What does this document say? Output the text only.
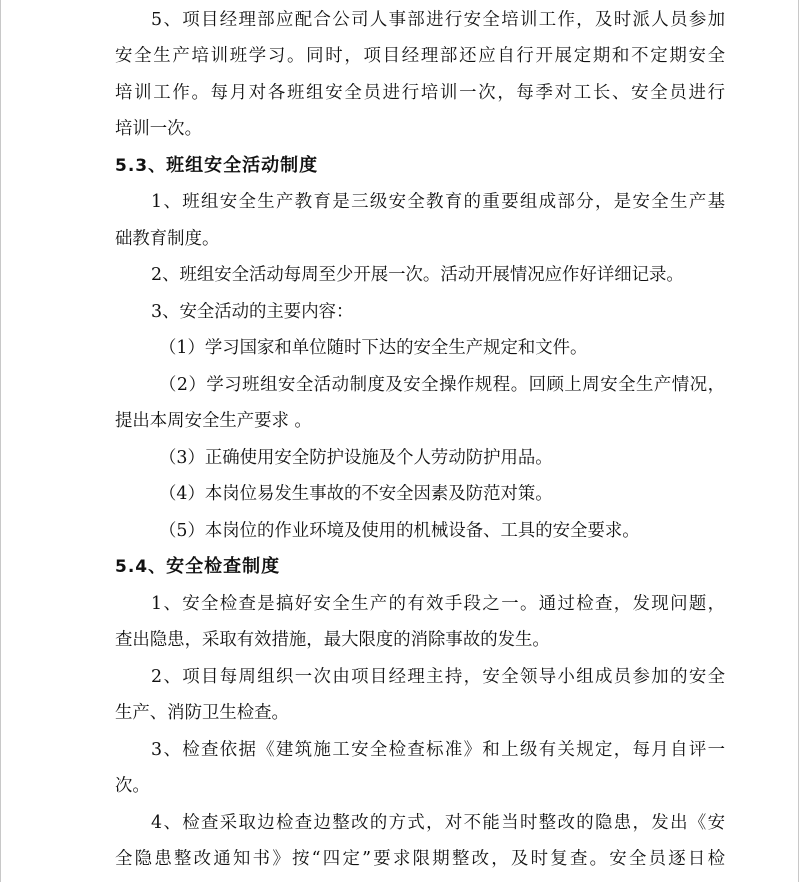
5、项目经理部应配合公司人事部进行安全培训工作，及时派人员参加
安全生产培训班学习。同时，项目经理部还应自行开展定期和不定期安全
培训工作。每月对各班组安全员进行培训一次，每季对工长、安全员进行
培训一次。
5.3、班组安全活动制度
1、班组安全生产教育是三级安全教育的重要组成部分，是安全生产基
础教育制度。
2、班组安全活动每周至少开展一次。活动开展情况应作好详细记录。
3、安全活动的主要内容：
（1）学习国家和单位随时下达的安全生产规定和文件。
（2）学习班组安全活动制度及安全操作规程。回顾上周安全生产情况，
提出本周安全生产要求 。
（3）正确使用安全防护设施及个人劳动防护用品。
（4）本岗位易发生事故的不安全因素及防范对策。
（5）本岗位的作业环境及使用的机械设备、工具的安全要求。
5.4、安全检查制度
1、安全检查是搞好安全生产的有效手段之一。通过检查，发现问题，
查出隐患，采取有效措施，最大限度的消除事故的发生。
2、项目每周组织一次由项目经理主持，安全领导小组成员参加的安全
生产、消防卫生检查。
3、检查依据《建筑施工安全检查标准》和上级有关规定，每月自评一
次。
4、检查采取边检查边整改的方式，对不能当时整改的隐患，发出《安
全隐患整改通知书》按“四定”要求限期整改，及时复查。安全员逐日检
